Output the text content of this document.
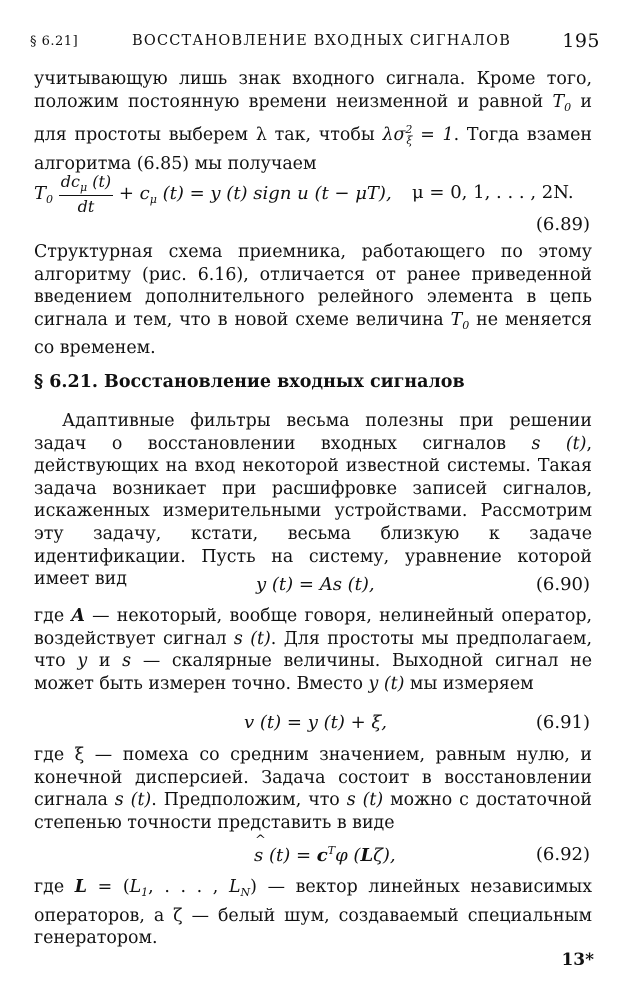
§ 6.21]	ВОССТАНОВЛЕНИЕ ВХОДНЫХ СИГНАЛОВ	195

учитывающую лишь знак входного сигнала. Кроме того, положим постоянную времени неизменной и равной $T_0$ и для простоты выберем λ так, чтобы $\lambda\sigma^2_\xi = 1$. Тогда взамен алгоритма (6.85) мы получаем

$T_0 \frac{dc_\mu (t)}{dt} + c_\mu$ (t) = y (t) sign u (t − μT), μ = 0, 1, . . . , 2N.
(6.89)

Структурная схема приемника, работающего по этому алгоритму (рис. 6.16), отличается от ранее приведенной введением дополнительного релейного элемента в цепь сигнала и тем, что в новой схеме величина $T_0$ не меняется со временем.

§ 6.21. Восстановление входных сигналов

Адаптивные фильтры весьма полезны при решении задач о восстановлении входных сигналов s (t), действующих на вход некоторой известной системы. Такая задача возникает при расшифровке записей сигналов, искаженных измерительными устройствами. Рассмотрим эту задачу, кстати, весьма близкую к задаче идентификации. Пусть на систему, уравнение которой имеет вид	y (t) = As (t),	(6.90)

где A — некоторый, вообще говоря, нелинейный оператор, воздействует сигнал s (t). Для простоты мы предполагаем, что y и s — скалярные величины. Выходной сигнал не может быть измерен точно. Вместо y (t) мы измеряем

v (t) = y (t) + ξ,	(6.91)

где ξ — помеха со средним значением, равным нулю, и конечной дисперсией. Задача состоит в восстановлении сигнала s (t). Предположим, что s (t) можно с достаточной степенью точности представить в виде

^ s $(t) = c^T\varphi$ (Lζ),	(6.92)

где $L = (L_1$, . . . , $L_N$) — вектор линейных независимых операторов, а ζ — белый шум, создаваемый специальным генератором.

13*
